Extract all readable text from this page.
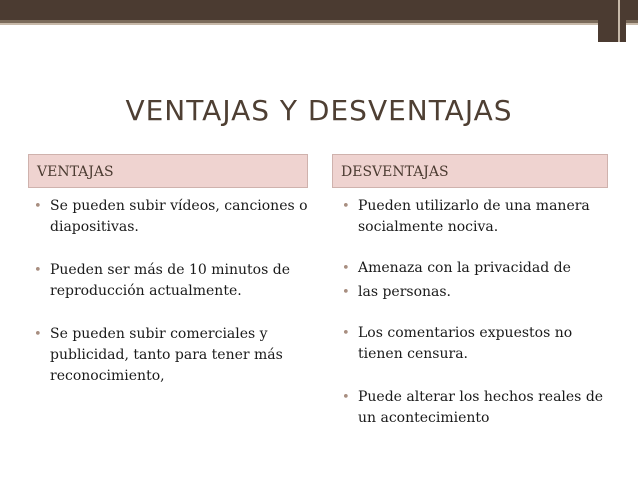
VENTAJAS Y DESVENTAJAS
VENTAJAS	DESVENTAJAS
• Se pueden subir vídeos, canciones o diapositivas.
• Pueden ser más de 10 minutos de reproducción actualmente.
• Se pueden subir comerciales y publicidad, tanto para tener más   reconocimiento,
• Pueden utilizarlo de una manera socialmente nociva.
• Amenaza con la privacidad de
• las personas.
• Los comentarios expuestos no tienen censura.
• Puede alterar los hechos reales de un acontecimiento
